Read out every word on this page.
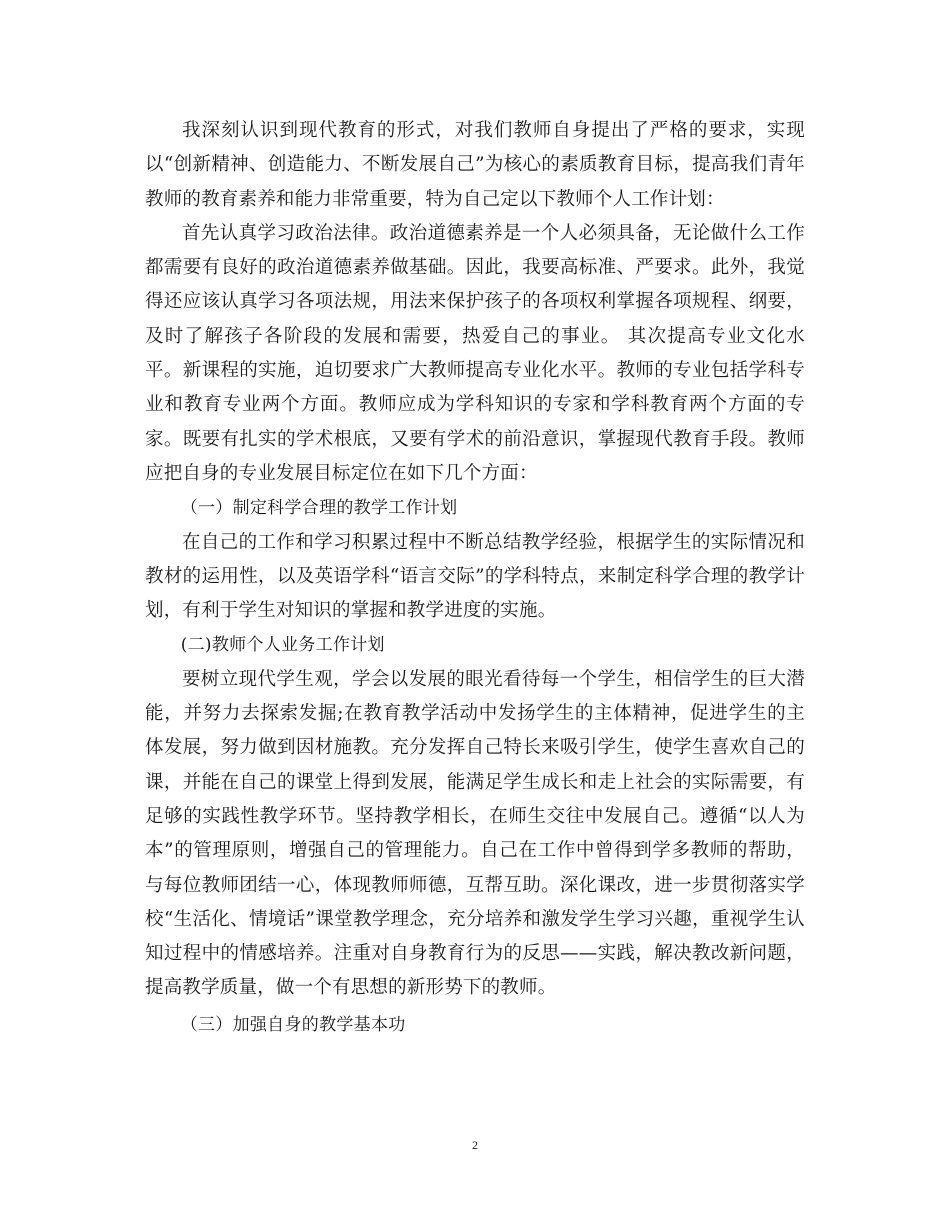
我深刻认识到现代教育的形式，对我们教师自身提出了严格的要求，实现以“创新精神、创造能力、不断发展自己”为核心的素质教育目标，提高我们青年教师的教育素养和能力非常重要，特为自己定以下教师个人工作计划：

首先认真学习政治法律。政治道德素养是一个人必须具备，无论做什么工作都需要有良好的政治道德素养做基础。因此，我要高标准、严要求。此外，我觉得还应该认真学习各项法规，用法来保护孩子的各项权利掌握各项规程、纲要，及时了解孩子各阶段的发展和需要，热爱自己的事业。 其次提高专业文化水平。新课程的实施，迫切要求广大教师提高专业化水平。教师的专业包括学科专业和教育专业两个方面。教师应成为学科知识的专家和学科教育两个方面的专家。既要有扎实的学术根底，又要有学术的前沿意识，掌握现代教育手段。教师应把自身的专业发展目标定位在如下几个方面：

（一）制定科学合理的教学工作计划

在自己的工作和学习积累过程中不断总结教学经验，根据学生的实际情况和教材的运用性，以及英语学科“语言交际”的学科特点，来制定科学合理的教学计划，有利于学生对知识的掌握和教学进度的实施。

(二)教师个人业务工作计划

要树立现代学生观，学会以发展的眼光看待每一个学生，相信学生的巨大潜能，并努力去探索发掘;在教育教学活动中发扬学生的主体精神，促进学生的主体发展，努力做到因材施教。充分发挥自己特长来吸引学生，使学生喜欢自己的课，并能在自己的课堂上得到发展，能满足学生成长和走上社会的实际需要，有足够的实践性教学环节。坚持教学相长，在师生交往中发展自己。遵循“以人为本”的管理原则，增强自己的管理能力。自己在工作中曾得到学多教师的帮助，与每位教师团结一心，体现教师师德，互帮互助。深化课改，进一步贯彻落实学校“生活化、情境话”课堂教学理念，充分培养和激发学生学习兴趣，重视学生认知过程中的情感培养。注重对自身教育行为的反思——实践，解决教改新问题，提高教学质量，做一个有思想的新形势下的教师。

（三）加强自身的教学基本功

2
